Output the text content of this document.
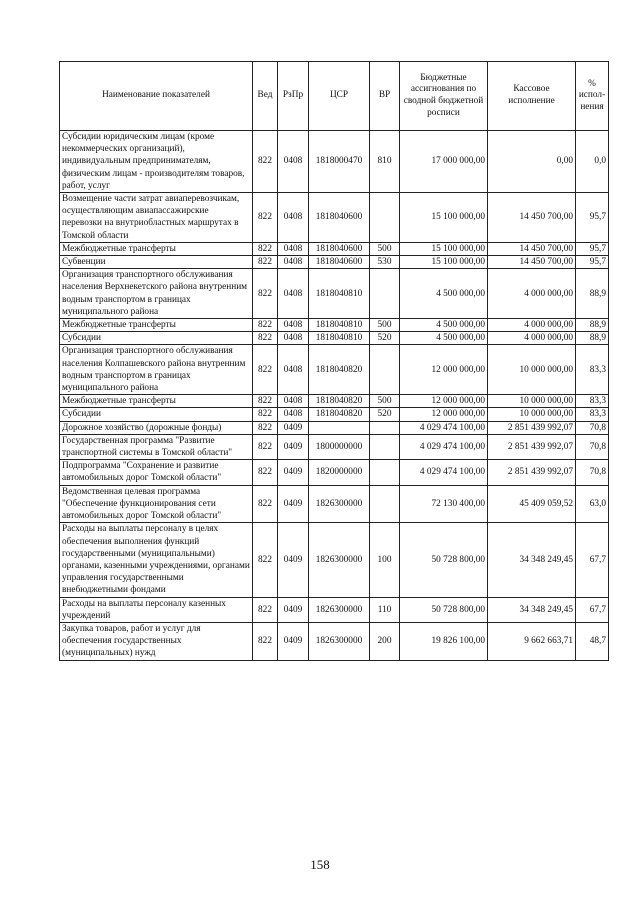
Наименование показателей	Вед	РзПр	ЦСР	ВР	Бюджетные ассигнования по сводной бюджетной росписи	Кассовое исполнение	% испол-нения
Субсидии юридическим лицам (кроме некоммерческих организаций), индивидуальным предпринимателям, физическим лицам - производителям товаров, работ, услуг	822	0408	1818000470	810	17 000 000,00	0,00	0,0
Возмещение части затрат авиаперевозчикам, осуществляющим авиапассажирские перевозки на внутриобластных маршрутах в Томской области	822	0408	1818040600		15 100 000,00	14 450 700,00	95,7
Межбюджетные трансферты	822	0408	1818040600	500	15 100 000,00	14 450 700,00	95,7
Субвенции	822	0408	1818040600	530	15 100 000,00	14 450 700,00	95,7
Организация транспортного обслуживания населения Верхнекетского района внутренним водным транспортом в границах муниципального района	822	0408	1818040810		4 500 000,00	4 000 000,00	88,9
Межбюджетные трансферты	822	0408	1818040810	500	4 500 000,00	4 000 000,00	88,9
Субсидии	822	0408	1818040810	520	4 500 000,00	4 000 000,00	88,9
Организация транспортного обслуживания населения Колпашевского района внутренним водным транспортом в границах муниципального района	822	0408	1818040820		12 000 000,00	10 000 000,00	83,3
Межбюджетные трансферты	822	0408	1818040820	500	12 000 000,00	10 000 000,00	83,3
Субсидии	822	0408	1818040820	520	12 000 000,00	10 000 000,00	83,3
Дорожное хозяйство (дорожные фонды)	822	0409			4 029 474 100,00	2 851 439 992,07	70,8
Государственная программа "Развитие транспортной системы в Томской области"	822	0409	1800000000		4 029 474 100,00	2 851 439 992,07	70,8
Подпрограмма "Сохранение и развитие автомобильных дорог Томской области"	822	0409	1820000000		4 029 474 100,00	2 851 439 992,07	70,8
Ведомственная целевая программа "Обеспечение функционирования сети автомобильных дорог Томской области"	822	0409	1826300000		72 130 400,00	45 409 059,52	63,0
Расходы на выплаты персоналу в целях обеспечения выполнения функций государственными (муниципальными) органами, казенными учреждениями, органами управления государственными внебюджетными фондами	822	0409	1826300000	100	50 728 800,00	34 348 249,45	67,7
Расходы на выплаты персоналу казенных учреждений	822	0409	1826300000	110	50 728 800,00	34 348 249,45	67,7
Закупка товаров, работ и услуг для обеспечения государственных (муниципальных) нужд	822	0409	1826300000	200	19 826 100,00	9 662 663,71	48,7
158
